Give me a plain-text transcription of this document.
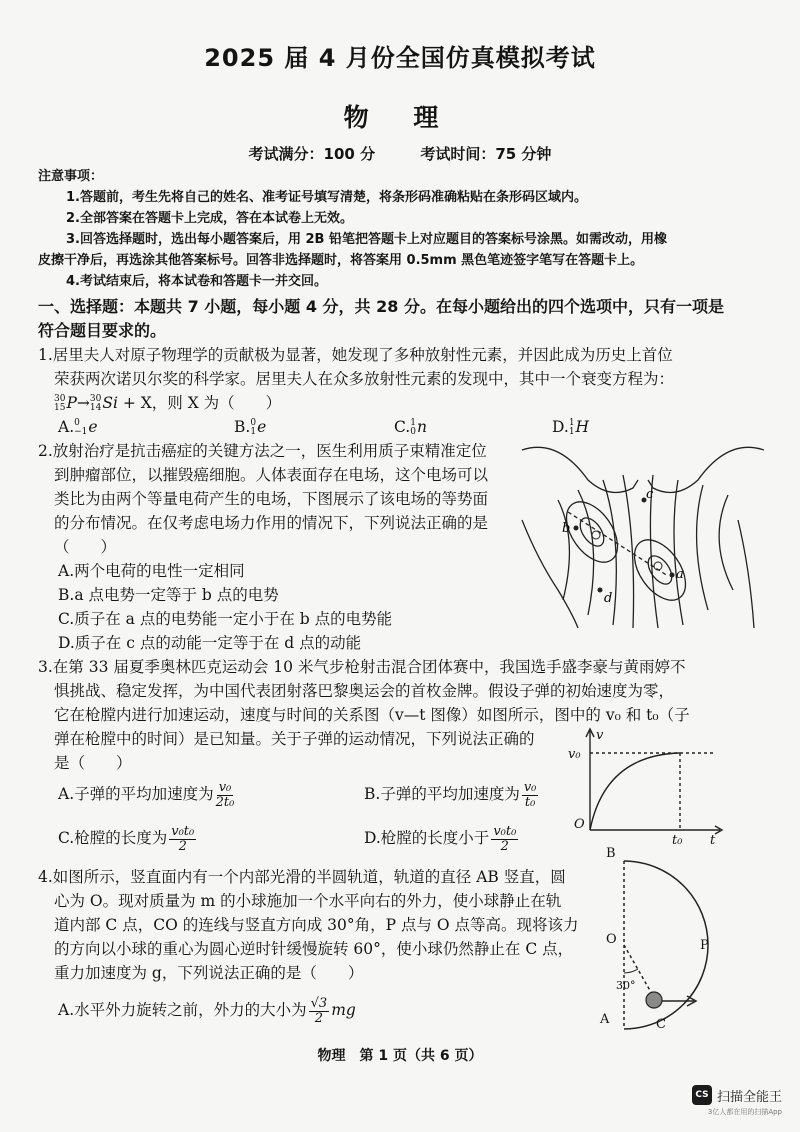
2025 届 4 月份全国仿真模拟考试
物 理
考试满分：100 分	考试时间：75 分钟
注意事项：
1.答题前，考生先将自己的姓名、准考证号填写清楚，将条形码准确粘贴在条形码区域内。
2.全部答案在答题卡上完成，答在本试卷上无效。
3.回答选择题时，选出每小题答案后，用 2B 铅笔把答题卡上对应题目的答案标号涂黑。如需改动，用橡
皮擦干净后，再选涂其他答案标号。回答非选择题时，将答案用 0.5mm 黑色笔迹签字笔写在答题卡上。
4.考试结束后，将本试卷和答题卡一并交回。
一、选择题：本题共 7 小题，每小题 4 分，共 28 分。在每小题给出的四个选项中，只有一项是
符合题目要求的。
1.居里夫人对原子物理学的贡献极为显著，她发现了多种放射性元素，并因此成为历史上首位
荣获两次诺贝尔奖的科学家。居里夫人在众多放射性元素的发现中，其中一个衰变方程为：
30
15 P→ 30
14 Si + X，则 X 为（　　）
A. 0
−1 e	B. 0
1 e	C. 1
0 n	D. 1
1 H
2.放射治疗是抗击癌症的关键方法之一，医生利用质子束精准定位
到肿瘤部位，以摧毁癌细胞。人体表面存在电场，这个电场可以
类比为由两个等量电荷产生的电场，下图展示了该电场的等势面
的分布情况。在仅考虑电场力作用的情况下，下列说法正确的是
（　　）
A.两个电荷的电性一定相同
B.a 点电势一定等于 b 点的电势
C.质子在 a 点的电势能一定小于在 b 点的电势能
D.质子在 c 点的动能一定等于在 d 点的动能
a
b
c
d
3.在第 33 届夏季奥林匹克运动会 10 米气步枪射击混合团体赛中，我国选手盛李豪与黄雨婷不
惧挑战、稳定发挥，为中国代表团射落巴黎奥运会的首枚金牌。假设子弹的初始速度为零，
它在枪膛内进行加速运动，速度与时间的关系图（v—t 图像）如图所示，图中的 v₀ 和 t₀（子
弹在枪膛中的时间）是已知量。关于子弹的运动情况，下列说法正确的
是（　　）
A.子弹的平均加速度为 $\frac{\text{v₀}}{\text{2t₀}}$	B.子弹的平均加速度为 $\frac{\text{v₀}}{\text{t₀}}$
C.枪膛的长度为 $\frac{\text{v₀t₀}}{2}$	D.枪膛的长度小于 $\frac{\text{v₀t₀}}{2}$
v
v₀
O
t₀ t
4.如图所示，竖直面内有一个内部光滑的半圆轨道，轨道的直径 AB 竖直，圆
心为 O。现对质量为 m 的小球施加一个水平向右的外力，使小球静止在轨
道内部 C 点，CO 的连线与竖直方向成 30°角，P 点与 O 点等高。现将该力
的方向以小球的重心为圆心逆时针缓慢旋转 60°，使小球仍然静止在 C 点，
重力加速度为 g，下列说法正确的是（　　）
A.水平外力旋转之前，外力的大小为 $\frac{√3}{2}$ mg
B
O	P
A	C
30°
物理　第 1 页（共 6 页）
CS 扫描全能王
3亿人都在用的扫描App
